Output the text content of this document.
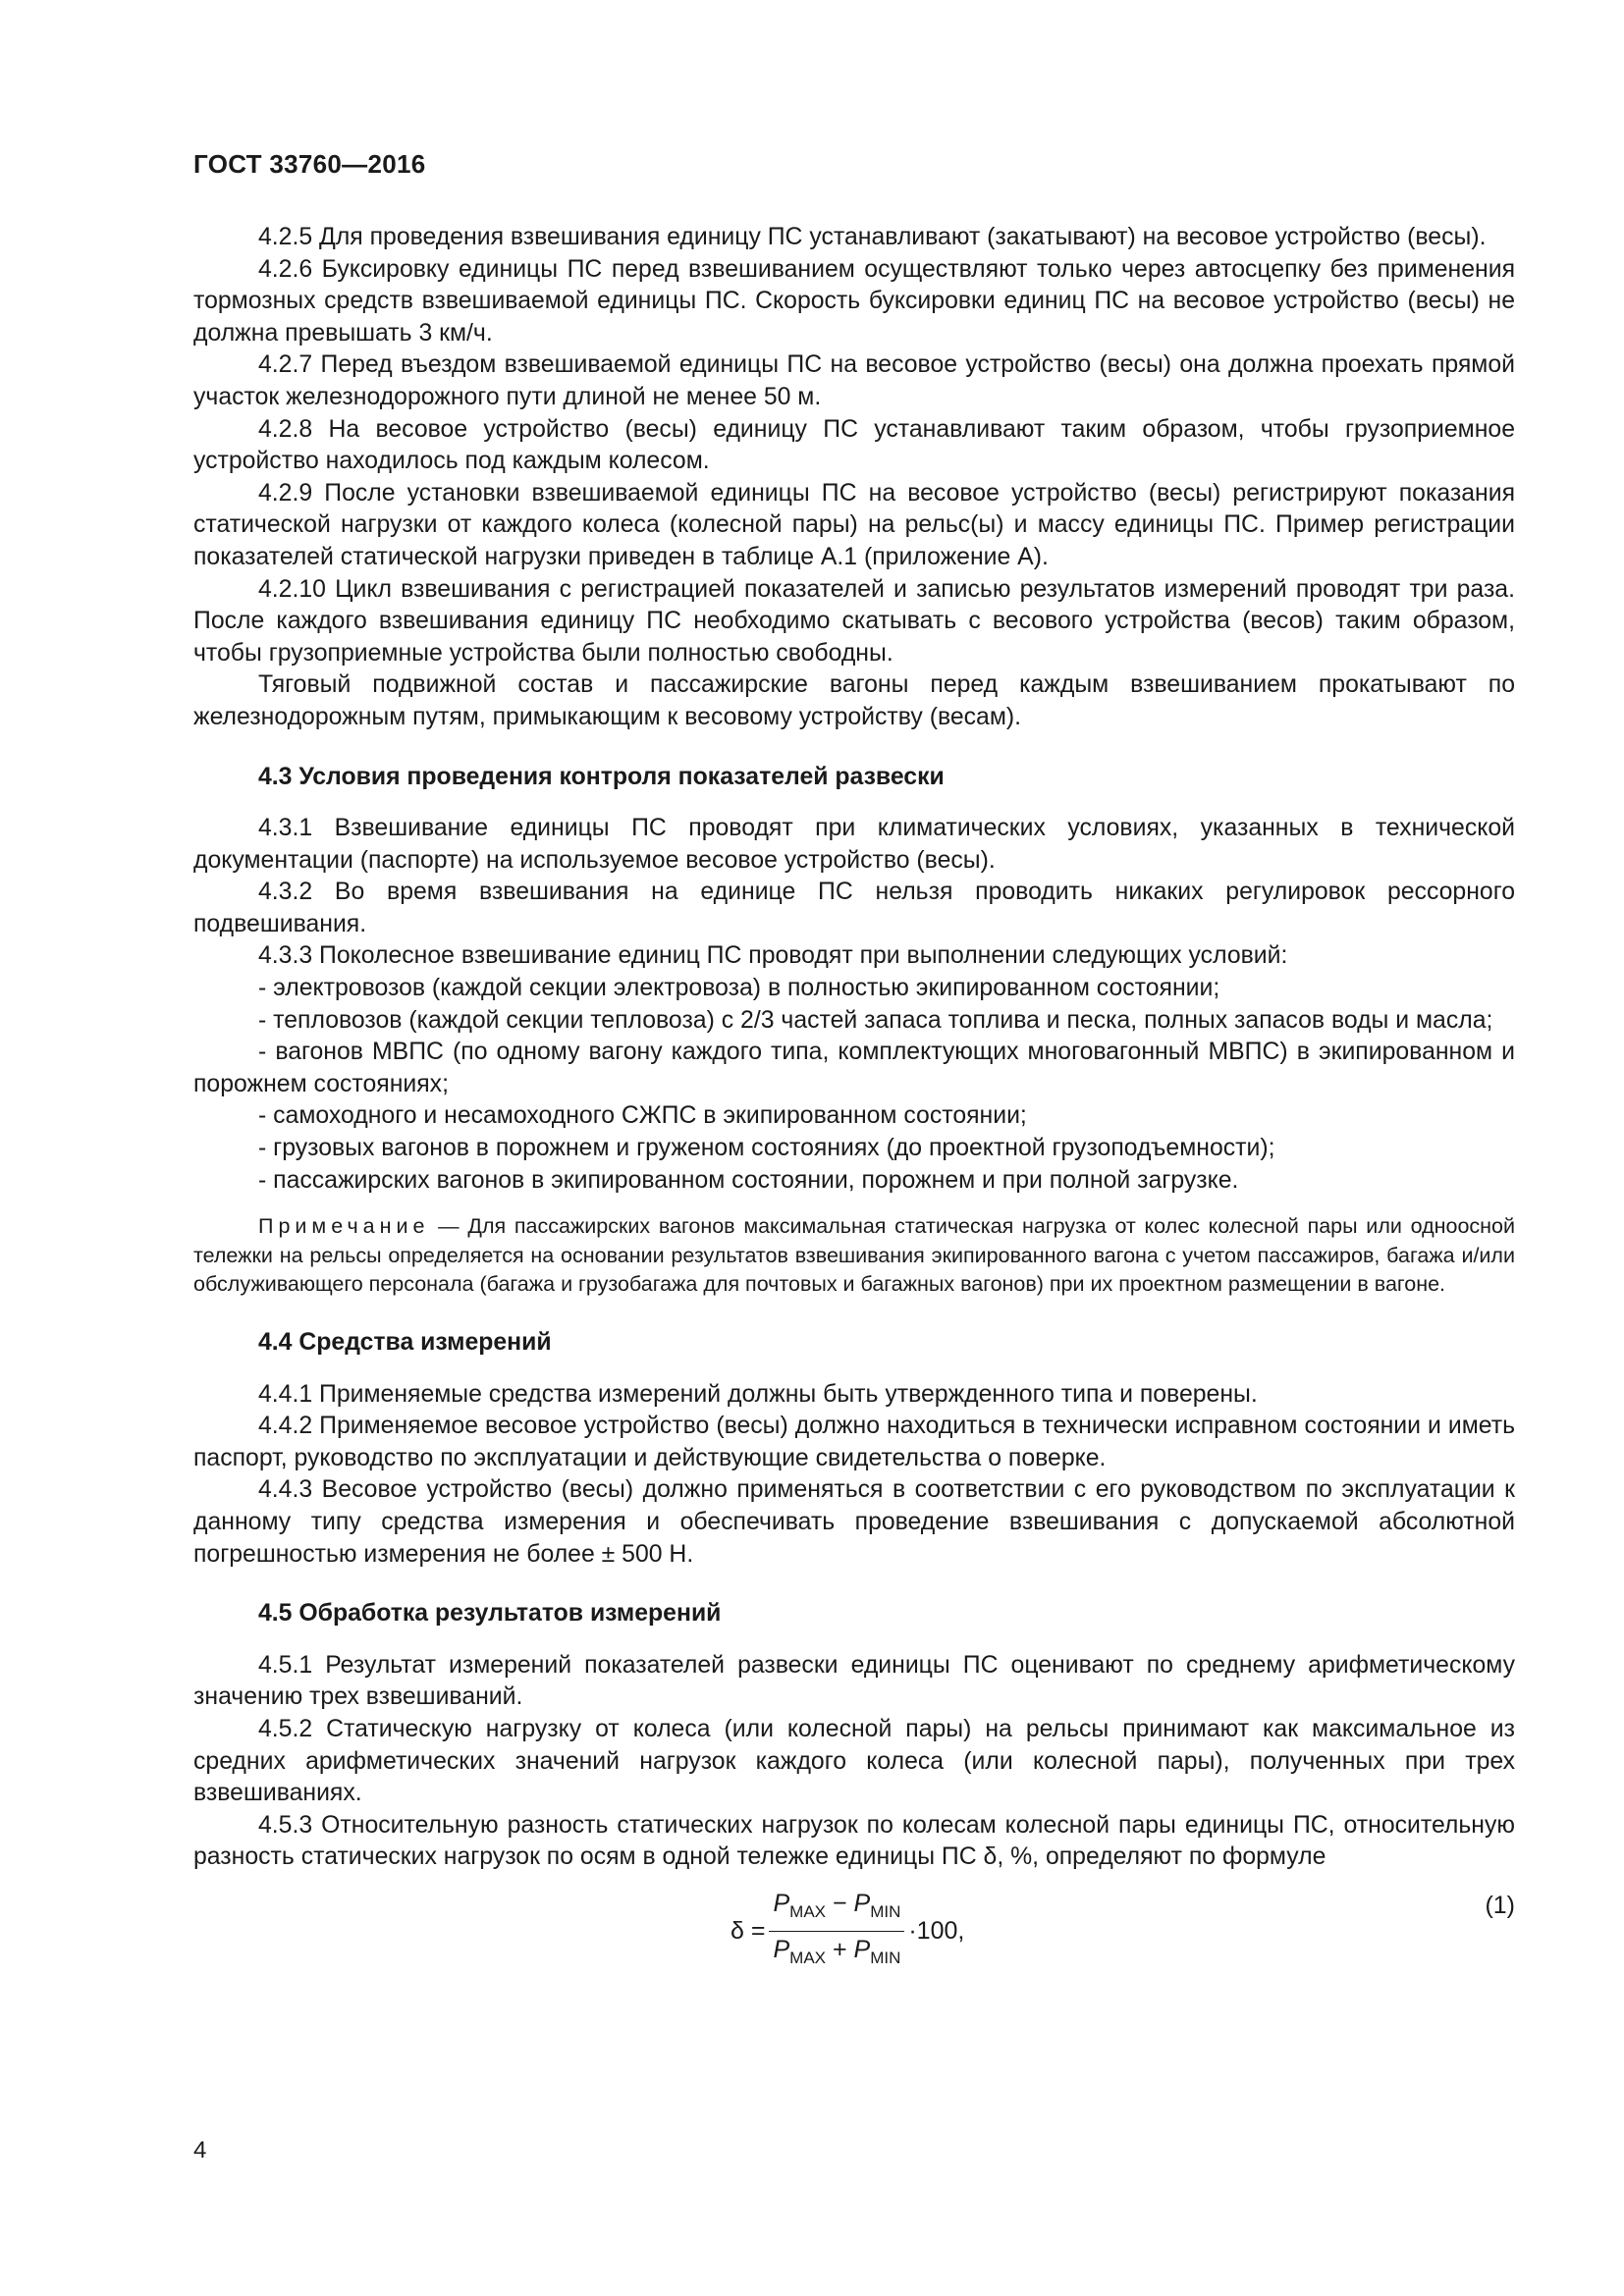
ГОСТ 33760—2016

4.2.5 Для проведения взвешивания единицу ПС устанавливают (закатывают) на весовое устройство (весы).

4.2.6 Буксировку единицы ПС перед взвешиванием осуществляют только через автосцепку без применения тормозных средств взвешиваемой единицы ПС. Скорость буксировки единиц ПС на весовое устройство (весы) не должна превышать 3 км/ч.

4.2.7 Перед въездом взвешиваемой единицы ПС на весовое устройство (весы) она должна проехать прямой участок железнодорожного пути длиной не менее 50 м.

4.2.8 На весовое устройство (весы) единицу ПС устанавливают таким образом, чтобы грузоприемное устройство находилось под каждым колесом.

4.2.9 После установки взвешиваемой единицы ПС на весовое устройство (весы) регистрируют показания статической нагрузки от каждого колеса (колесной пары) на рельс(ы) и массу единицы ПС. Пример регистрации показателей статической нагрузки приведен в таблице А.1 (приложение А).

4.2.10 Цикл взвешивания с регистрацией показателей и записью результатов измерений проводят три раза. После каждого взвешивания единицу ПС необходимо скатывать с весового устройства (весов) таким образом, чтобы грузоприемные устройства были полностью свободны.

Тяговый подвижной состав и пассажирские вагоны перед каждым взвешиванием прокатывают по железнодорожным путям, примыкающим к весовому устройству (весам).

4.3 Условия проведения контроля показателей развески

4.3.1 Взвешивание единицы ПС проводят при климатических условиях, указанных в технической документации (паспорте) на используемое весовое устройство (весы).

4.3.2 Во время взвешивания на единице ПС нельзя проводить никаких регулировок рессорного подвешивания.

4.3.3 Поколесное взвешивание единиц ПС проводят при выполнении следующих условий:

- электровозов (каждой секции электровоза) в полностью экипированном состоянии;

- тепловозов (каждой секции тепловоза) с 2/3 частей запаса топлива и песка, полных запасов воды и масла;

- вагонов МВПС (по одному вагону каждого типа, комплектующих многовагонный МВПС) в экипированном и порожнем состояниях;

- самоходного и несамоходного СЖПС в экипированном состоянии;

- грузовых вагонов в порожнем и груженом состояниях (до проектной грузоподъемности);

- пассажирских вагонов в экипированном состоянии, порожнем и при полной загрузке.

Примечание — Для пассажирских вагонов максимальная статическая нагрузка от колес колесной пары или одноосной тележки на рельсы определяется на основании результатов взвешивания экипированного вагона с учетом пассажиров, багажа и/или обслуживающего персонала (багажа и грузобагажа для почтовых и багажных вагонов) при их проектном размещении в вагоне.
4.4 Средства измерений

4.4.1 Применяемые средства измерений должны быть утвержденного типа и поверены.

4.4.2 Применяемое весовое устройство (весы) должно находиться в технически исправном состоянии и иметь паспорт, руководство по эксплуатации и действующие свидетельства о поверке.

4.4.3 Весовое устройство (весы) должно применяться в соответствии с его руководством по эксплуатации к данному типу средства измерения и обеспечивать проведение взвешивания с допускаемой абсолютной погрешностью измерения не более ± 500 Н.

4.5 Обработка результатов измерений

4.5.1 Результат измерений показателей развески единицы ПС оценивают по среднему арифметическому значению трех взвешиваний.

4.5.2 Статическую нагрузку от колеса (или колесной пары) на рельсы принимают как максимальное из средних арифметических значений нагрузок каждого колеса (или колесной пары), полученных при трех взвешиваниях.

4.5.3 Относительную разность статических нагрузок по колесам колесной пары единицы ПС, относительную разность статических нагрузок по осям в одной тележке единицы ПС δ, %, определяют по формуле

$\delta = \frac{P_{MAX} - P_{MIN}}{P_{MAX} + P_{MIN}} \cdot 100$,
(1)
4
